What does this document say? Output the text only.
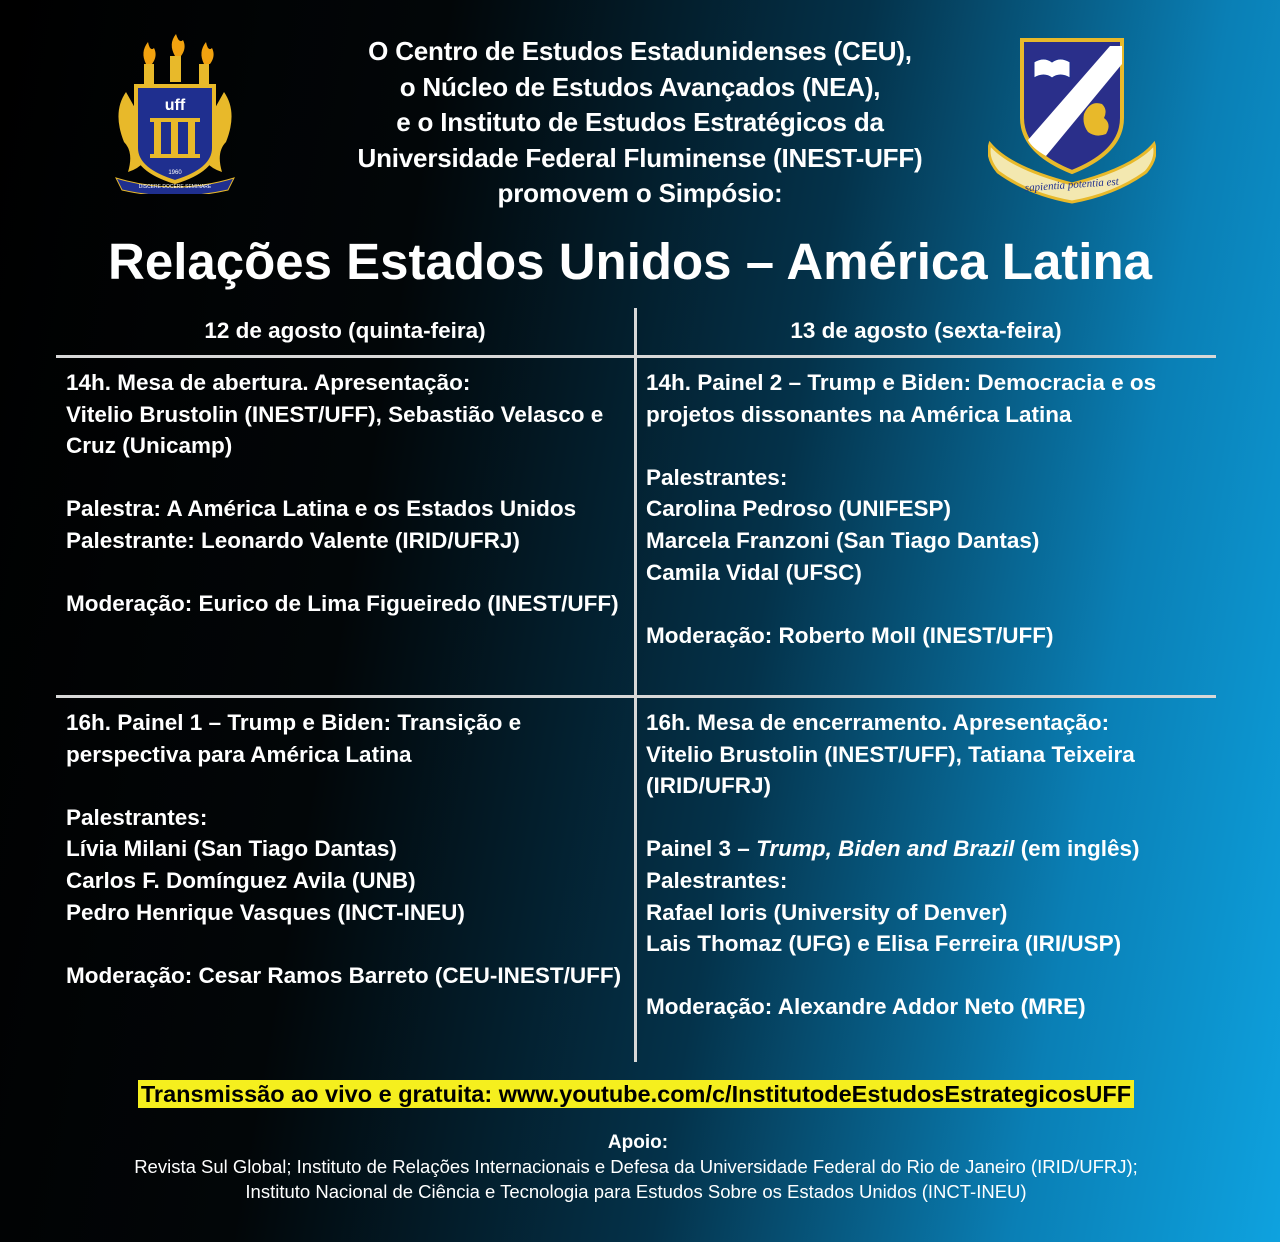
uff
1960
DISCERE DOCERE SEMINARE
O Centro de Estudos Estadunidenses (CEU),
o Núcleo de Estudos Avançados (NEA),
e o Instituto de Estudos Estratégicos da
Universidade Federal Fluminense (INEST-UFF)
promovem o Simpósio:	sapientia potentia est
Relações Estados Unidos – América Latina
12 de agosto (quinta-feira)	13 de agosto (sexta-feira)
14h. Mesa de abertura. Apresentação:
Vitelio Brustolin (INEST/UFF), Sebastião Velasco e
Cruz (Unicamp)
Palestra: A América Latina e os Estados Unidos
Palestrante: Leonardo Valente (IRID/UFRJ)
Moderação: Eurico de Lima Figueiredo (INEST/UFF)
14h. Painel 2 – Trump e Biden: Democracia e os
projetos dissonantes na América Latina
Palestrantes:
Carolina Pedroso (UNIFESP)
Marcela Franzoni (San Tiago Dantas)
Camila Vidal (UFSC)
Moderação: Roberto Moll (INEST/UFF)
16h. Painel 1 – Trump e Biden: Transição e
perspectiva para América Latina
Palestrantes:
Lívia Milani (San Tiago Dantas)
Carlos F. Domínguez Avila (UNB)
Pedro Henrique Vasques (INCT-INEU)
Moderação: Cesar Ramos Barreto (CEU-INEST/UFF)
16h. Mesa de encerramento. Apresentação:
Vitelio Brustolin (INEST/UFF), Tatiana Teixeira
(IRID/UFRJ)
Painel 3 – Trump, Biden and Brazil (em inglês)
Palestrantes:
Rafael Ioris (University of Denver)
Lais Thomaz (UFG) e Elisa Ferreira (IRI/USP)
Moderação: Alexandre Addor Neto (MRE)
Transmissão ao vivo e gratuita: www.youtube.com/c/InstitutodeEstudosEstrategicosUFF
Apoio:
Revista Sul Global; Instituto de Relações Internacionais e Defesa da Universidade Federal do Rio de Janeiro (IRID/UFRJ);
Instituto Nacional de Ciência e Tecnologia para Estudos Sobre os Estados Unidos (INCT-INEU)
